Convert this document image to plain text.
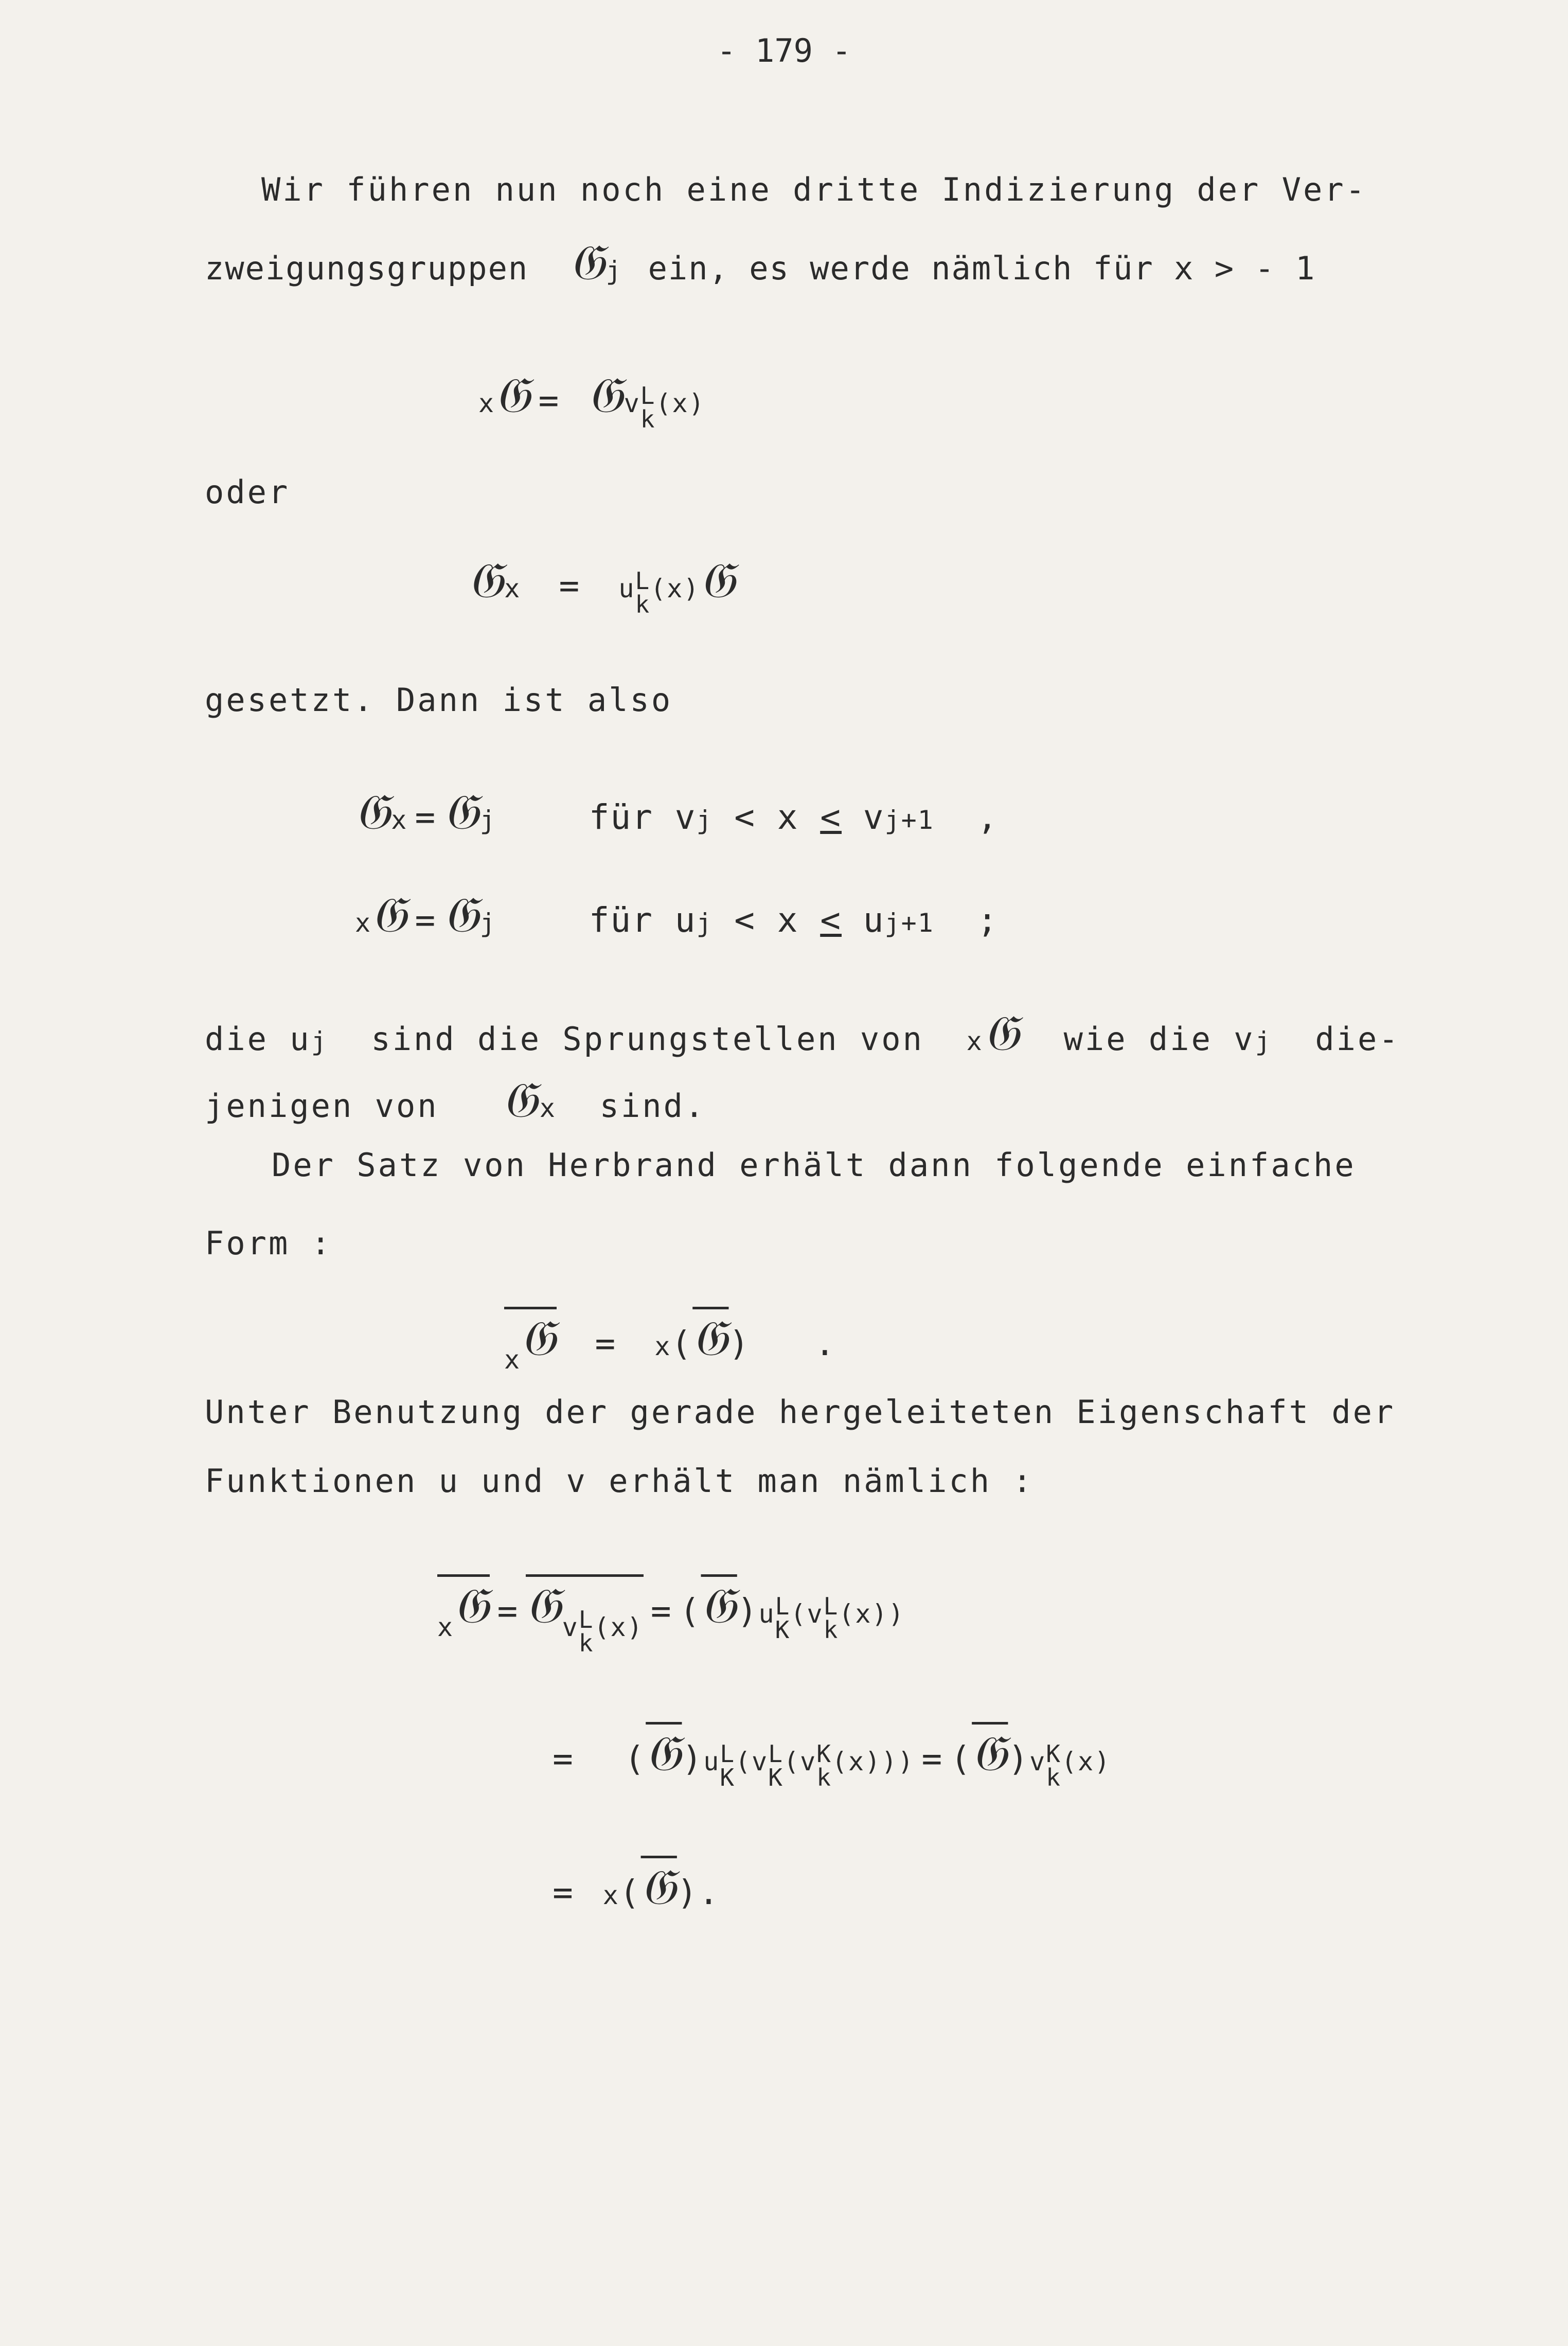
- 179 -
Wir führen nun noch eine dritte Indizierung der Ver-
zweigungsgruppen 𝔊 j ein, es werde nämlich für x > - 1
x 𝔊 = 𝔊 v L
k
(x)
oder
𝔊 x	=	u L
k
(x) 𝔊
gesetzt. Dann ist also
𝔊 x = 𝔊 j	für v j < x < v j+1 ,
x 𝔊 = 𝔊 j	für u j < x < u j+1 ;
die u j
sind die Sprungstellen von
x 𝔊
wie die v j
die-
jenigen von
𝔊 x
sind.
Der Satz von Herbrand erhält dann folgende einfache
Form :
$_x$𝔊	=	x ( 𝔊 )   .
Unter Benutzung der gerade hergeleiteten Eigenschaft der
Funktionen u und v erhält man nämlich :
$_x$𝔊 = 𝔊$_{v L k (x)}$ = ( 𝔊 ) u L
K
(v L
k
(x))
= ( 𝔊 ) u L
K
(v L
K
(v K
k
(x))) = ( 𝔊 ) v K
k
(x)
=
x ( 𝔊 ).
